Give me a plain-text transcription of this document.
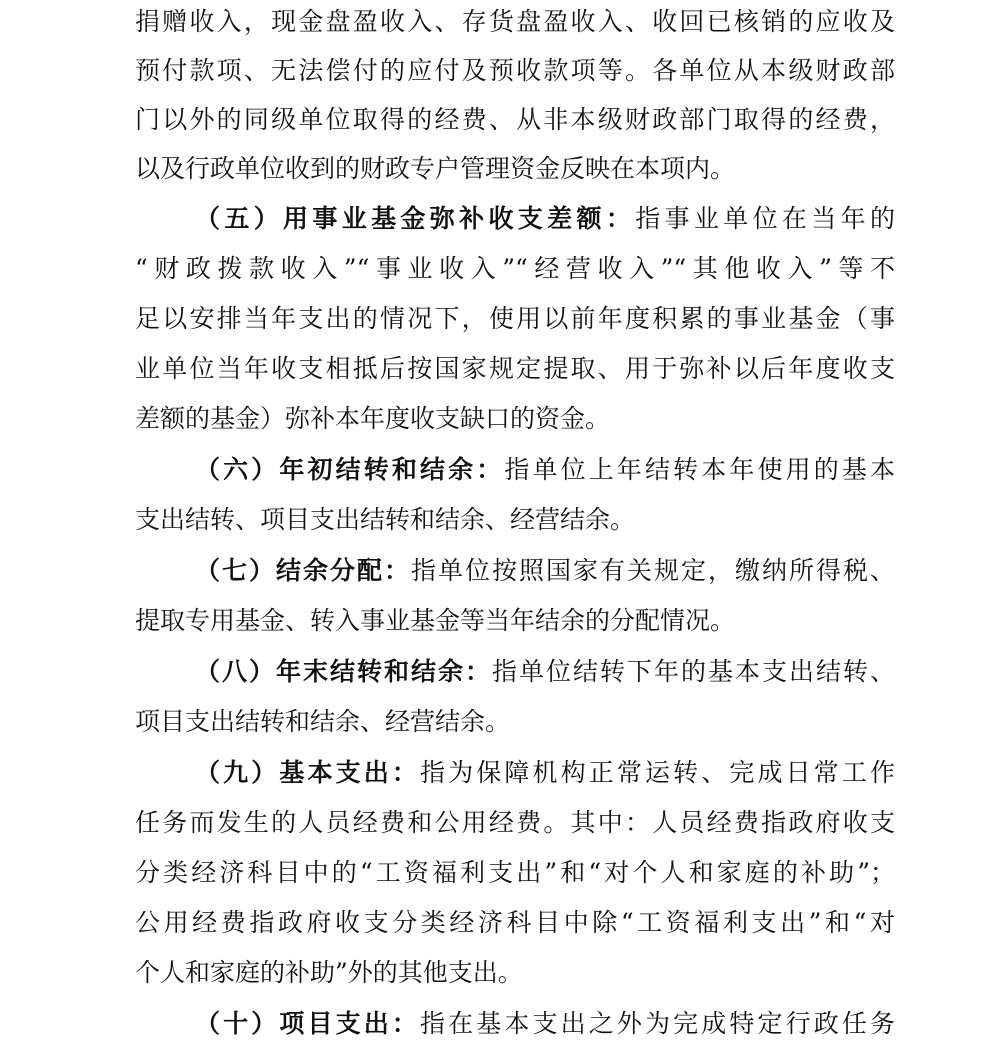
捐赠收入，现金盘盈收入、存货盘盈收入、收回已核销的应收及
预付款项、无法偿付的应付及预收款项等。各单位从本级财政部
门以外的同级单位取得的经费、从非本级财政部门取得的经费，
以及行政单位收到的财政专户管理资金反映在本项内。
（五）用事业基金弥补收支差额：指事业单位在当年的
“财政拨款收入”“事业收入”“经营收入”“其他收入”等不
足以安排当年支出的情况下，使用以前年度积累的事业基金（事
业单位当年收支相抵后按国家规定提取、用于弥补以后年度收支
差额的基金）弥补本年度收支缺口的资金。
（六）年初结转和结余：指单位上年结转本年使用的基本
支出结转、项目支出结转和结余、经营结余。
（七）结余分配：指单位按照国家有关规定，缴纳所得税、
提取专用基金、转入事业基金等当年结余的分配情况。
（八）年末结转和结余：指单位结转下年的基本支出结转、
项目支出结转和结余、经营结余。
（九）基本支出：指为保障机构正常运转、完成日常工作
任务而发生的人员经费和公用经费。其中：人员经费指政府收支
分类经济科目中的“工资福利支出”和“对个人和家庭的补助”；
公用经费指政府收支分类经济科目中除“工资福利支出”和“对
个人和家庭的补助”外的其他支出。
（十）项目支出：指在基本支出之外为完成特定行政任务
